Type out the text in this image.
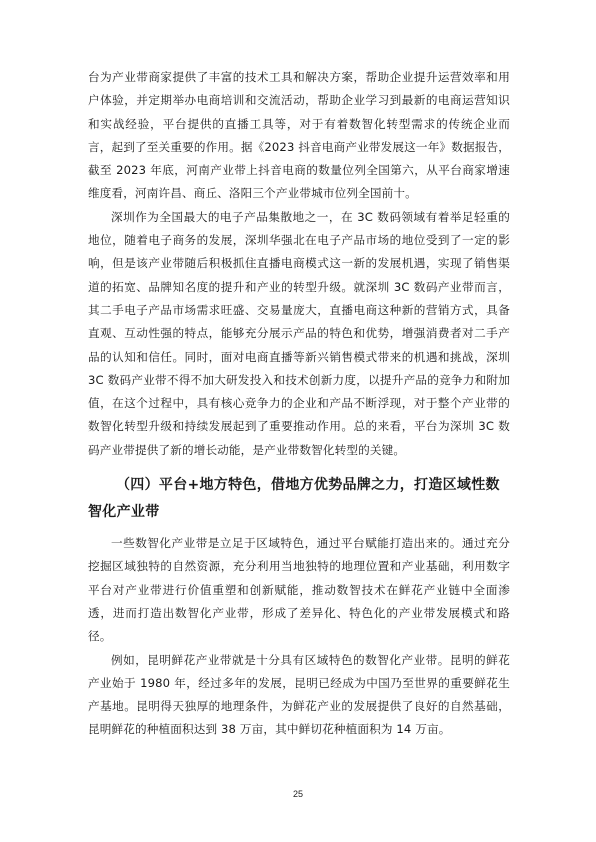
台为产业带商家提供了丰富的技术工具和解决方案，帮助企业提升运营效率和用户体验，并定期举办电商培训和交流活动，帮助企业学习到最新的电商运营知识和实战经验，平台提供的直播工具等，对于有着数智化转型需求的传统企业而言，起到了至关重要的作用。据《2023 抖音电商产业带发展这一年》数据报告，截至 2023 年底，河南产业带上抖音电商的数量位列全国第六，从平台商家增速维度看，河南许昌、商丘、洛阳三个产业带城市位列全国前十。

深圳作为全国最大的电子产品集散地之一，在 3C 数码领域有着举足轻重的地位，随着电子商务的发展，深圳华强北在电子产品市场的地位受到了一定的影响，但是该产业带随后积极抓住直播电商模式这一新的发展机遇，实现了销售渠道的拓宽、品牌知名度的提升和产业的转型升级。就深圳 3C 数码产业带而言，其二手电子产品市场需求旺盛、交易量庞大，直播电商这种新的营销方式，具备直观、互动性强的特点，能够充分展示产品的特色和优势，增强消费者对二手产品的认知和信任。同时，面对电商直播等新兴销售模式带来的机遇和挑战，深圳 3C 数码产业带不得不加大研发投入和技术创新力度，以提升产品的竞争力和附加值，在这个过程中，具有核心竞争力的企业和产品不断浮现，对于整个产业带的数智化转型升级和持续发展起到了重要推动作用。总的来看，平台为深圳 3C 数码产业带提供了新的增长动能，是产业带数智化转型的关键。

（四）平台+地方特色，借地方优势品牌之力，打造区域性数智化产业带

一些数智化产业带是立足于区域特色，通过平台赋能打造出来的。通过充分挖掘区域独特的自然资源，充分利用当地独特的地理位置和产业基础，利用数字平台对产业带进行价值重塑和创新赋能，推动数智技术在鲜花产业链中全面渗透，进而打造出数智化产业带，形成了差异化、特色化的产业带发展模式和路径。

例如，昆明鲜花产业带就是十分具有区域特色的数智化产业带。昆明的鲜花产业始于 1980 年，经过多年的发展，昆明已经成为中国乃至世界的重要鲜花生产基地。昆明得天独厚的地理条件，为鲜花产业的发展提供了良好的自然基础，昆明鲜花的种植面积达到 38 万亩，其中鲜切花种植面积为 14 万亩。

25
